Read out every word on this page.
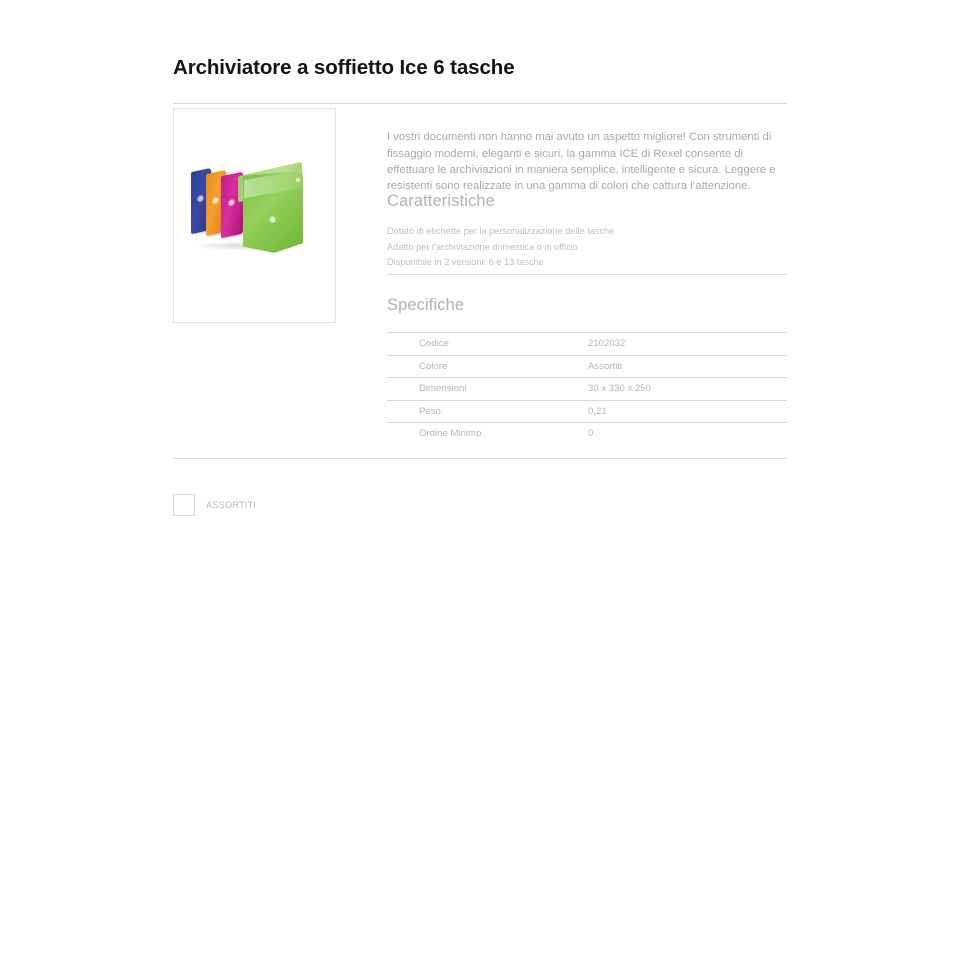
Archiviatore a soffietto Ice 6 tasche

I vostri documenti non hanno mai avuto un aspetto migliore! Con strumenti di fissaggio moderni, eleganti e sicuri, la gamma ICE di Rexel consente di effettuare le archiviazioni in maniera semplice, intelligente e sicura. Leggere e resistenti sono realizzate in una gamma di colori che cattura l’attenzione.

Caratteristiche
Dotato di etichette per la personalizzazione delle tasche
Adatto per l’archiviazione domestica o in ufficio
Disponibile in 2 versioni: 6 e 13 tasche
Specifiche
Codice	2102032
Colore	Assortiti
Dimensioni	30 x 330 x 250
Peso	0,21
Ordine Minimo	0
ASSORTITI
